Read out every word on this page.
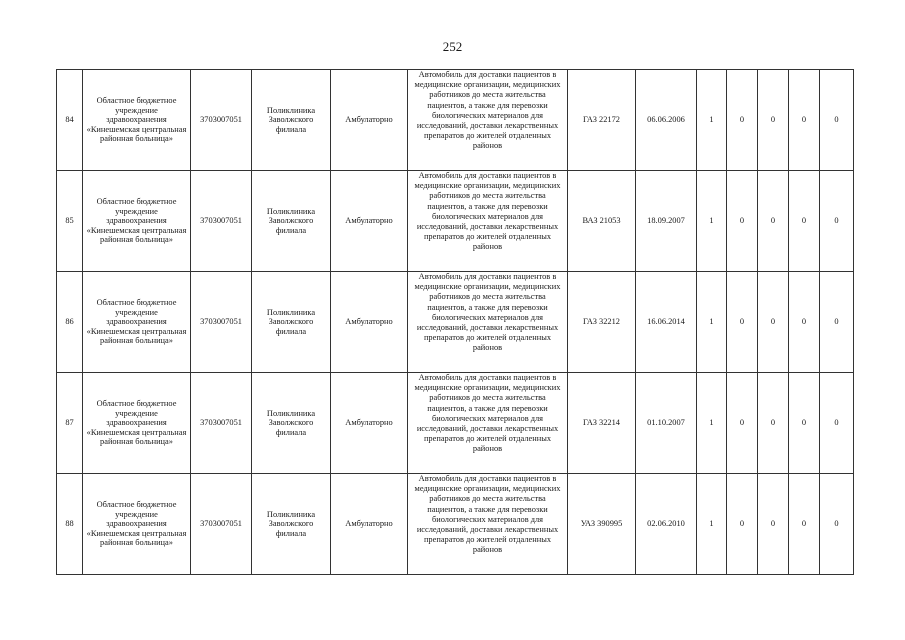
252
84	Областное бюджетное учреждение здравоохранения «Кинешемская центральная районная больница»	3703007051	Поликлиника Заволжского филиала	Амбулаторно	Автомобиль для доставки пациентов в медицинские организации, медицинских работников до места жительства пациентов, а также для перевозки биологических материалов для исследований, доставки лекарственных препаратов до жителей отдаленных районов	ГАЗ 22172	06.06.2006	1	0	0	0	0
85	Областное бюджетное учреждение здравоохранения «Кинешемская центральная районная больница»	3703007051	Поликлиника Заволжского филиала	Амбулаторно	Автомобиль для доставки пациентов в медицинские организации, медицинских работников до места жительства пациентов, а также для перевозки биологических материалов для исследований, доставки лекарственных препаратов до жителей отдаленных районов	ВАЗ 21053	18.09.2007	1	0	0	0	0
86	Областное бюджетное учреждение здравоохранения «Кинешемская центральная районная больница»	3703007051	Поликлиника Заволжского филиала	Амбулаторно	Автомобиль для доставки пациентов в медицинские организации, медицинских работников до места жительства пациентов, а также для перевозки биологических материалов для исследований, доставки лекарственных препаратов до жителей отдаленных районов	ГАЗ 32212	16.06.2014	1	0	0	0	0
87	Областное бюджетное учреждение здравоохранения «Кинешемская центральная районная больница»	3703007051	Поликлиника Заволжского филиала	Амбулаторно	Автомобиль для доставки пациентов в медицинские организации, медицинских работников до места жительства пациентов, а также для перевозки биологических материалов для исследований, доставки лекарственных препаратов до жителей отдаленных районов	ГАЗ 32214	01.10.2007	1	0	0	0	0
88	Областное бюджетное учреждение здравоохранения «Кинешемская центральная районная больница»	3703007051	Поликлиника Заволжского филиала	Амбулаторно	Автомобиль для доставки пациентов в медицинские организации, медицинских работников до места жительства пациентов, а также для перевозки биологических материалов для исследований, доставки лекарственных препаратов до жителей отдаленных районов	УАЗ 390995	02.06.2010	1	0	0	0	0
